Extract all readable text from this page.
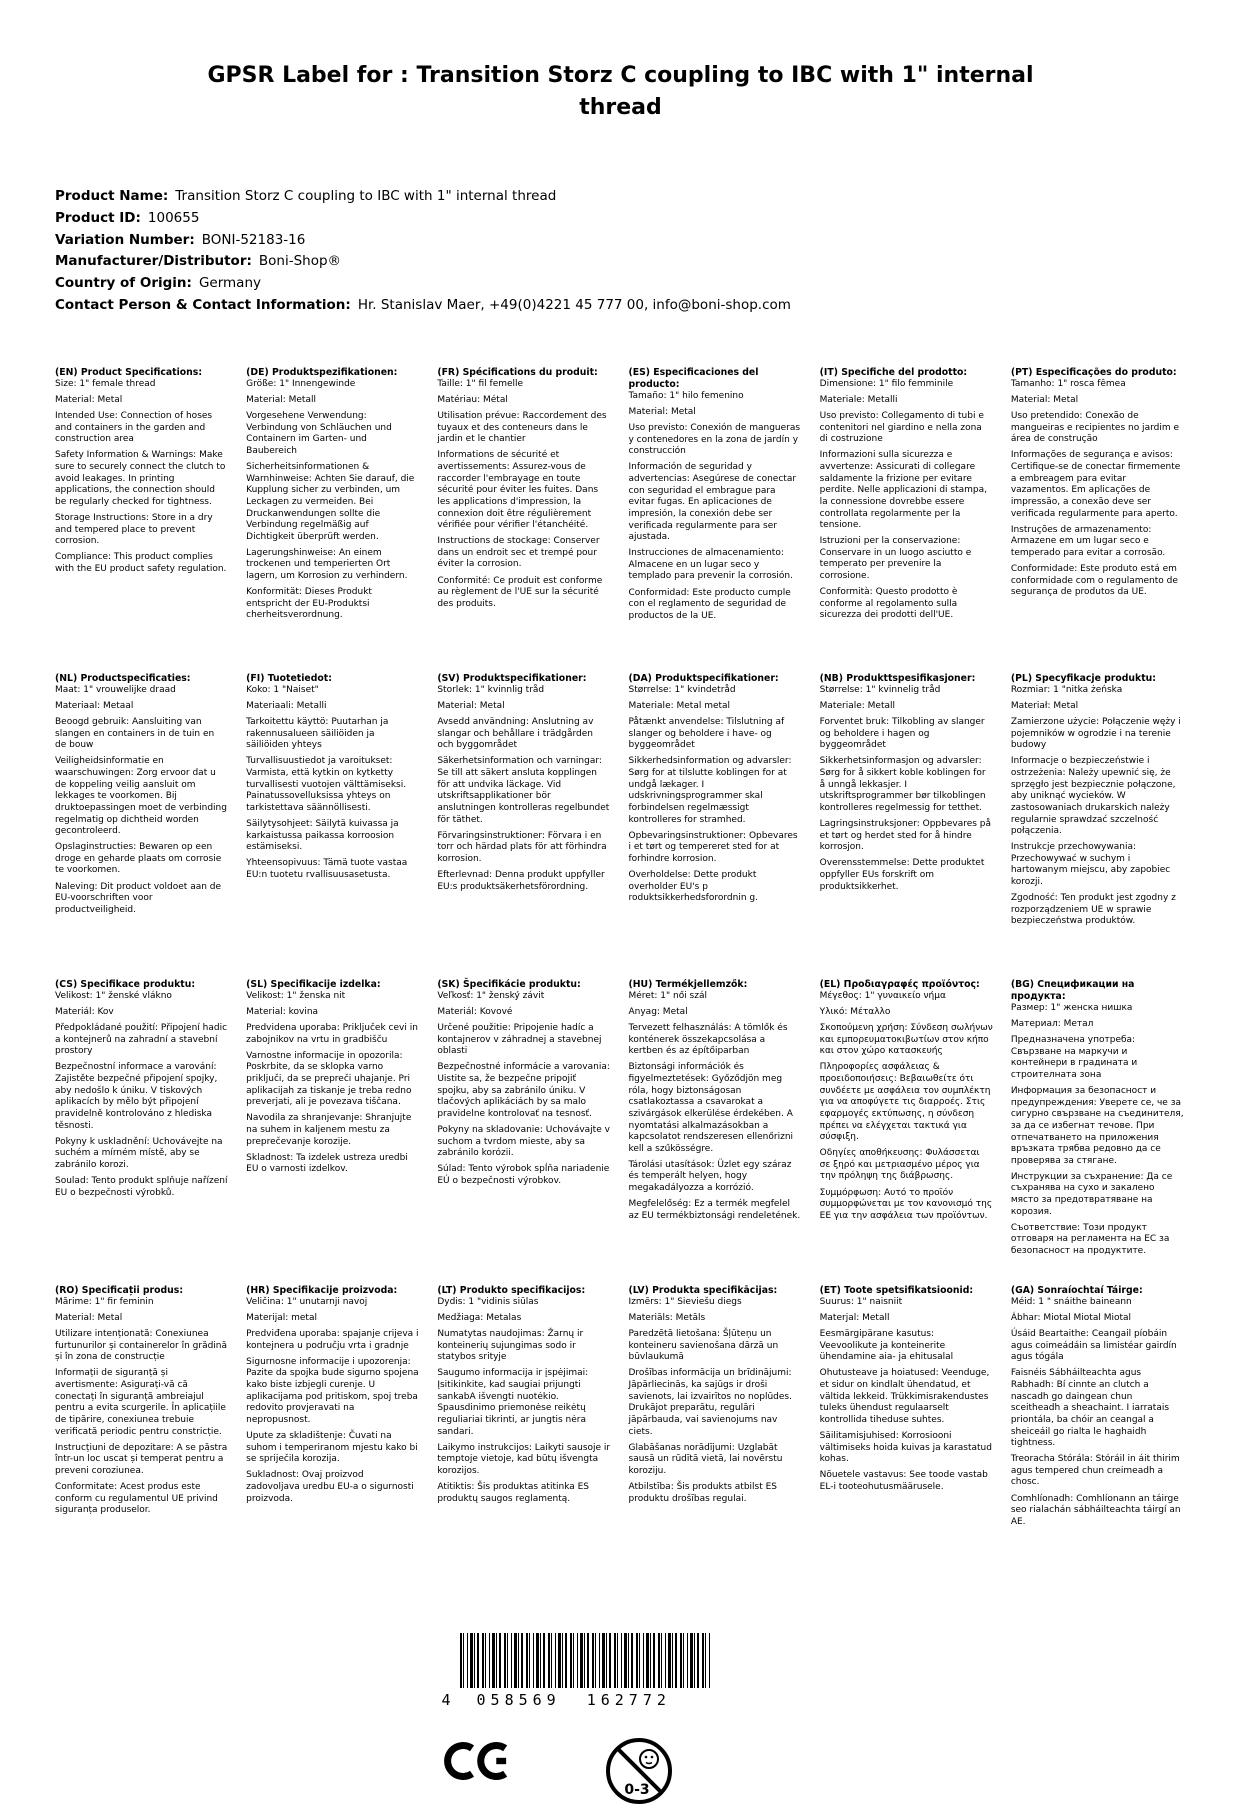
GPSR Label for : Transition Storz C coupling to IBC with 1" internal thread
Product Name: Transition Storz C coupling to IBC with 1" internal thread
Product ID: 100655
Variation Number: BONI-52183-16
Manufacturer/Distributor: Boni-Shop®
Country of Origin: Germany
Contact Person & Contact Information: Hr. Stanislav Maer, +49(0)4221 45 777 00, info@boni-shop.com
(EN) Product Specifications:
Size: 1" female thread
Material: Metal
Intended Use: Connection of hoses and containers in the garden and construction area
Safety Information & Warnings: Make sure to securely connect the clutch to avoid leakages. In printing applications, the connection should be regularly checked for tightness.
Storage Instructions: Store in a dry and tempered place to prevent corrosion.
Compliance: This product complies with the EU product safety regulation.
(DE) Produktspezifikationen:
Größe: 1" Innengewinde
Material: Metall
Vorgesehene Verwendung: Verbindung von Schläuchen und Containern im Garten- und Baubereich
Sicherheitsinformationen & Warnhinweise: Achten Sie darauf, die Kupplung sicher zu verbinden, um Leckagen zu vermeiden. Bei Druckanwendungen sollte die Verbindung regelmäßig auf Dichtigkeit überprüft werden.
Lagerungshinweise: An einem trockenen und temperierten Ort lagern, um Korrosion zu verhindern.
Konformität: Dieses Produkt entspricht der EU-Produktsi cherheitsverordnung.
(FR) Spécifications du produit:
Taille: 1" fil femelle
Matériau: Métal
Utilisation prévue: Raccordement des tuyaux et des conteneurs dans le jardin et le chantier
Informations de sécurité et avertissements: Assurez-vous de raccorder l'embrayage en toute sécurité pour éviter les fuites. Dans les applications d'impression, la connexion doit être régulièrement vérifiée pour vérifier l'étanchéité.
Instructions de stockage: Conserver dans un endroit sec et trempé pour éviter la corrosion.
Conformité: Ce produit est conforme au règlement de l'UE sur la sécurité des produits.
(ES) Especificaciones del producto:
Tamaño: 1" hilo femenino
Material: Metal
Uso previsto: Conexión de mangueras y contenedores en la zona de jardín y construcción
Información de seguridad y advertencias: Asegúrese de conectar con seguridad el embrague para evitar fugas. En aplicaciones de impresión, la conexión debe ser verificada regularmente para ser ajustada.
Instrucciones de almacenamiento: Almacene en un lugar seco y templado para prevenir la corrosión.
Conformidad: Este producto cumple con el reglamento de seguridad de productos de la UE.
(IT) Specifiche del prodotto:
Dimensione: 1" filo femminile
Materiale: Metalli
Uso previsto: Collegamento di tubi e contenitori nel giardino e nella zona di costruzione
Informazioni sulla sicurezza e avvertenze: Assicurati di collegare saldamente la frizione per evitare perdite. Nelle applicazioni di stampa, la connessione dovrebbe essere controllata regolarmente per la tensione.
Istruzioni per la conservazione: Conservare in un luogo asciutto e temperato per prevenire la corrosione.
Conformità: Questo prodotto è conforme al regolamento sulla sicurezza dei prodotti dell'UE.
(PT) Especificações do produto:
Tamanho: 1" rosca fêmea
Material: Metal
Uso pretendido: Conexão de mangueiras e recipientes no jardim e área de construção
Informações de segurança e avisos: Certifique-se de conectar firmemente a embreagem para evitar vazamentos. Em aplicações de impressão, a conexão deve ser verificada regularmente para aperto.
Instruções de armazenamento: Armazene em um lugar seco e temperado para evitar a corrosão.
Conformidade: Este produto está em conformidade com o regulamento de segurança de produtos da UE.
(NL) Productspecificaties:
Maat: 1" vrouwelijke draad
Materiaal: Metaal
Beoogd gebruik: Aansluiting van slangen en containers in de tuin en de bouw
Veiligheidsinformatie en waarschuwingen: Zorg ervoor dat u de koppeling veilig aansluit om lekkages te voorkomen. Bij druktoepassingen moet de verbinding regelmatig op dichtheid worden gecontroleerd.
Opslaginstructies: Bewaren op een droge en geharde plaats om corrosie te voorkomen.
Naleving: Dit product voldoet aan de EU-voorschriften voor productveiligheid.
(FI) Tuotetiedot:
Koko: 1 "Naiset"
Materiaali: Metalli
Tarkoitettu käyttö: Puutarhan ja rakennusalueen säiliöiden ja säiliöiden yhteys
Turvallisuustiedot ja varoitukset: Varmista, että kytkin on kytketty turvallisesti vuotojen välttämiseksi. Painatussovelluksissa yhteys on tarkistettava säännöllisesti.
Säilytysohjeet: Säilytä kuivassa ja karkaistussa paikassa korroosion estämiseksi.
Yhteensopivuus: Tämä tuote vastaa EU:n tuotetu rvallisuusasetusta.
(SV) Produktspecifikationer:
Storlek: 1" kvinnlig tråd
Material: Metal
Avsedd användning: Anslutning av slangar och behållare i trädgården och byggområdet
Säkerhetsinformation och varningar: Se till att säkert ansluta kopplingen för att undvika läckage. Vid utskriftsapplikationer bör anslutningen kontrolleras regelbundet för täthet.
Förvaringsinstruktioner: Förvara i en torr och härdad plats för att förhindra korrosion.
Efterlevnad: Denna produkt uppfyller EU:s produktsäkerhetsförordning.
(DA) Produktspecifikationer:
Størrelse: 1" kvindetråd
Materiale: Metal metal
Påtænkt anvendelse: Tilslutning af slanger og beholdere i have- og byggeområdet
Sikkerhedsinformation og advarsler: Sørg for at tilslutte koblingen for at undgå lækager. I udskrivningsprogrammer skal forbindelsen regelmæssigt kontrolleres for stramhed.
Opbevaringsinstruktioner: Opbevares i et tørt og tempereret sted for at forhindre korrosion.
Overholdelse: Dette produkt overholder EU's p roduktsikkerhedsforordnin g.
(NB) Produkttspesifikasjoner:
Størrelse: 1" kvinnelig tråd
Materiale: Metall
Forventet bruk: Tilkobling av slanger og beholdere i hagen og byggeområdet
Sikkerhetsinformasjon og advarsler: Sørg for å sikkert koble koblingen for å unngå lekkasjer. I utskriftsprogrammer bør tilkoblingen kontrolleres regelmessig for tetthet.
Lagringsinstruksjoner: Oppbevares på et tørt og herdet sted for å hindre korrosjon.
Overensstemmelse: Dette produktet oppfyller EUs forskrift om produktsikkerhet.
(PL) Specyfikacje produktu:
Rozmiar: 1 "nitka żeńska
Materiał: Metal
Zamierzone użycie: Połączenie węży i pojemników w ogrodzie i na terenie budowy
Informacje o bezpieczeństwie i ostrzeżenia: Należy upewnić się, że sprzęgło jest bezpiecznie połączone, aby uniknąć wycieków. W zastosowaniach drukarskich należy regularnie sprawdzać szczelność połączenia.
Instrukcje przechowywania: Przechowywać w suchym i hartowanym miejscu, aby zapobiec korozji.
Zgodność: Ten produkt jest zgodny z rozporządzeniem UE w sprawie bezpieczeństwa produktów.
(CS) Specifikace produktu:
Velikost: 1" ženské vlákno
Materiál: Kov
Předpokládané použití: Připojení hadic a kontejnerů na zahradní a stavební prostory
Bezpečnostní informace a varování: Zajistěte bezpečné připojení spojky, aby nedošlo k úniku. V tiskových aplikacích by mělo být připojení pravidelně kontrolováno z hlediska těsnosti.
Pokyny k uskladnění: Uchovávejte na suchém a mírném místě, aby se zabránilo korozi.
Soulad: Tento produkt splňuje nařízení EU o bezpečnosti výrobků.
(SL) Specifikacije izdelka:
Velikost: 1" ženska nit
Material: kovina
Predvidena uporaba: Priključek cevi in zabojnikov na vrtu in gradbišču
Varnostne informacije in opozorila: Poskrbite, da se sklopka varno priključi, da se prepreči uhajanje. Pri aplikacijah za tiskanje je treba redno preverjati, ali je povezava tiščana.
Navodila za shranjevanje: Shranjujte na suhem in kaljenem mestu za preprečevanje korozije.
Skladnost: Ta izdelek ustreza uredbi EU o varnosti izdelkov.
(SK) Špecifikácie produktu:
Veľkosť: 1" ženský závit
Materiál: Kovové
Určené použitie: Pripojenie hadíc a kontajnerov v záhradnej a stavebnej oblasti
Bezpečnostné informácie a varovania: Uistite sa, že bezpečne pripojiť spojku, aby sa zabránilo úniku. V tlačových aplikáciách by sa malo pravidelne kontrolovať na tesnosť.
Pokyny na skladovanie: Uchovávajte v suchom a tvrdom mieste, aby sa zabránilo korózii.
Súlad: Tento výrobok spĺňa nariadenie EÚ o bezpečnosti výrobkov.
(HU) Termékjellemzők:
Méret: 1" női szál
Anyag: Metal
Tervezett felhasználás: A tömlők és konténerek összekapcsolása a kertben és az építőiparban
Biztonsági információk és figyelmeztetések: Győződjön meg róla, hogy biztonságosan csatlakoztassa a csavarokat a szivárgások elkerülése érdekében. A nyomtatási alkalmazásokban a kapcsolatot rendszeresen ellenőrizni kell a szűkösségre.
Tárolási utasítások: Üzlet egy száraz és temperált helyen, hogy megakadályozza a korrózió.
Megfelelőség: Ez a termék megfelel az EU termékbiztonsági rendeletének.
(EL) Προδιαγραφές προϊόντος:
Μέγεθος: 1" γυναικείο νήμα
Υλικό: Μέταλλο
Σκοπούμενη χρήση: Σύνδεση σωλήνων και εμπορευματοκιβωτίων στον κήπο και στον χώρο κατασκευής
Πληροφορίες ασφάλειας & προειδοποιήσεις: Βεβαιωθείτε ότι συνδέετε με ασφάλεια τον συμπλέκτη για να αποφύγετε τις διαρροές. Στις εφαρμογές εκτύπωσης, η σύνδεση πρέπει να ελέγχεται τακτικά για σύσφιξη.
Οδηγίες αποθήκευσης: Φυλάσσεται σε ξηρό και μετριασμένο μέρος για την πρόληψη της διάβρωσης.
Συμμόρφωση: Αυτό το προϊόν συμμορφώνεται με τον κανονισμό της ΕΕ για την ασφάλεια των προϊόντων.
(BG) Спецификации на продукта:
Размер: 1" женска нишка
Материал: Метал
Предназначена употреба: Свързване на маркучи и контейнери в градината и строителната зона
Информация за безопасност и предупреждения: Уверете се, че за сигурно свързване на съединителя, за да се избегнат течове. При отпечатването на приложения връзката трябва редовно да се проверява за стягане.
Инструкции за съхранение: Да се съхранява на сухо и закалено място за предотвратяване на корозия.
Съответствие: Този продукт отговаря на регламента на ЕС за безопасност на продуктите.
(RO) Specificații produs:
Mărime: 1" fir feminin
Material: Metal
Utilizare intenționată: Conexiunea furtunurilor și containerelor în grădină și în zona de construcție
Informații de siguranță și avertismente: Asigurați-vă că conectați în siguranță ambreiajul pentru a evita scurgerile. În aplicațiile de tipărire, conexiunea trebuie verificată periodic pentru constricție.
Instrucțiuni de depozitare: A se păstra într-un loc uscat și temperat pentru a preveni coroziunea.
Conformitate: Acest produs este conform cu regulamentul UE privind siguranța produselor.
(HR) Specifikacije proizvoda:
Veličina: 1" unutarnji navoj
Materijal: metal
Predviđena uporaba: spajanje crijeva i kontejnera u području vrta i gradnje
Sigurnosne informacije i upozorenja: Pazite da spojka bude sigurno spojena kako biste izbjegli curenje. U aplikacijama pod pritiskom, spoj treba redovito provjeravati na nepropusnost.
Upute za skladištenje: Čuvati na suhom i temperiranom mjestu kako bi se spriječila korozija.
Sukladnost: Ovaj proizvod zadovoljava uredbu EU-a o sigurnosti proizvoda.
(LT) Produkto specifikacijos:
Dydis: 1 "vidinis siūlas
Medžiaga: Metalas
Numatytas naudojimas: Žarnų ir konteinerių sujungimas sodo ir statybos srityje
Saugumo informacija ir įspėjimai: Įsitikinkite, kad saugiai prijungti sankabA išvengti nuotėkio. Spausdinimo priemonėse reikėtų reguliariai tikrinti, ar jungtis nėra sandari.
Laikymo instrukcijos: Laikyti sausoje ir temptoje vietoje, kad būtų išvengta korozijos.
Atitiktis: Šis produktas atitinka ES produktų saugos reglamentą.
(LV) Produkta specifikācijas:
Izmērs: 1" Sieviešu diegs
Materiāls: Metāls
Paredzētā lietošana: Šļūteņu un konteineru savienošana dārzā un būvlaukumā
Drošības informācija un brīdinājumi: Jāpārliecinās, ka sajūgs ir droši savienots, lai izvairītos no noplūdes. Drukājot preparātu, regulāri jāpārbauda, vai savienojums nav ciets.
Glabāšanas norādījumi: Uzglabāt sausā un rūdītā vietā, lai novērstu koroziju.
Atbilstība: Šis produkts atbilst ES produktu drošības regulai.
(ET) Toote spetsifikatsioonid:
Suurus: 1" naisniit
Materjal: Metall
Eesmärgipärane kasutus: Veevoolikute ja konteinerite ühendamine aia- ja ehitusalal
Ohutusteave ja hoiatused: Veenduge, et sidur on kindlalt ühendatud, et vältida lekkeid. Trükkimisrakendustes tuleks ühendust regulaarselt kontrollida tiheduse suhtes.
Säilitamisjuhised: Korrosiooni vältimiseks hoida kuivas ja karastatud kohas.
Nõuetele vastavus: See toode vastab EL-i tooteohutusmäärusele.
(GA) Sonraíochtaí Táirge:
Méid: 1 " snáithe baineann
Ábhar: Miotal Miotal Miotal
Úsáid Beartaithe: Ceangail píobáin agus coimeádáin sa limistéar gairdín agus tógála
Faisnéis Sábháilteachta agus Rabhadh: Bí cinnte an clutch a nascadh go daingean chun sceitheadh a sheachaint. I iarratais priontála, ba chóir an ceangal a sheiceáil go rialta le haghaidh tightness.
Treoracha Stórála: Stóráil in áit thirim agus tempered chun creimeadh a chosc.
Comhlíonadh: Comhlíonann an táirge seo rialachán sábháilteachta táirgí an AE.
4 058569 162772
0-3
